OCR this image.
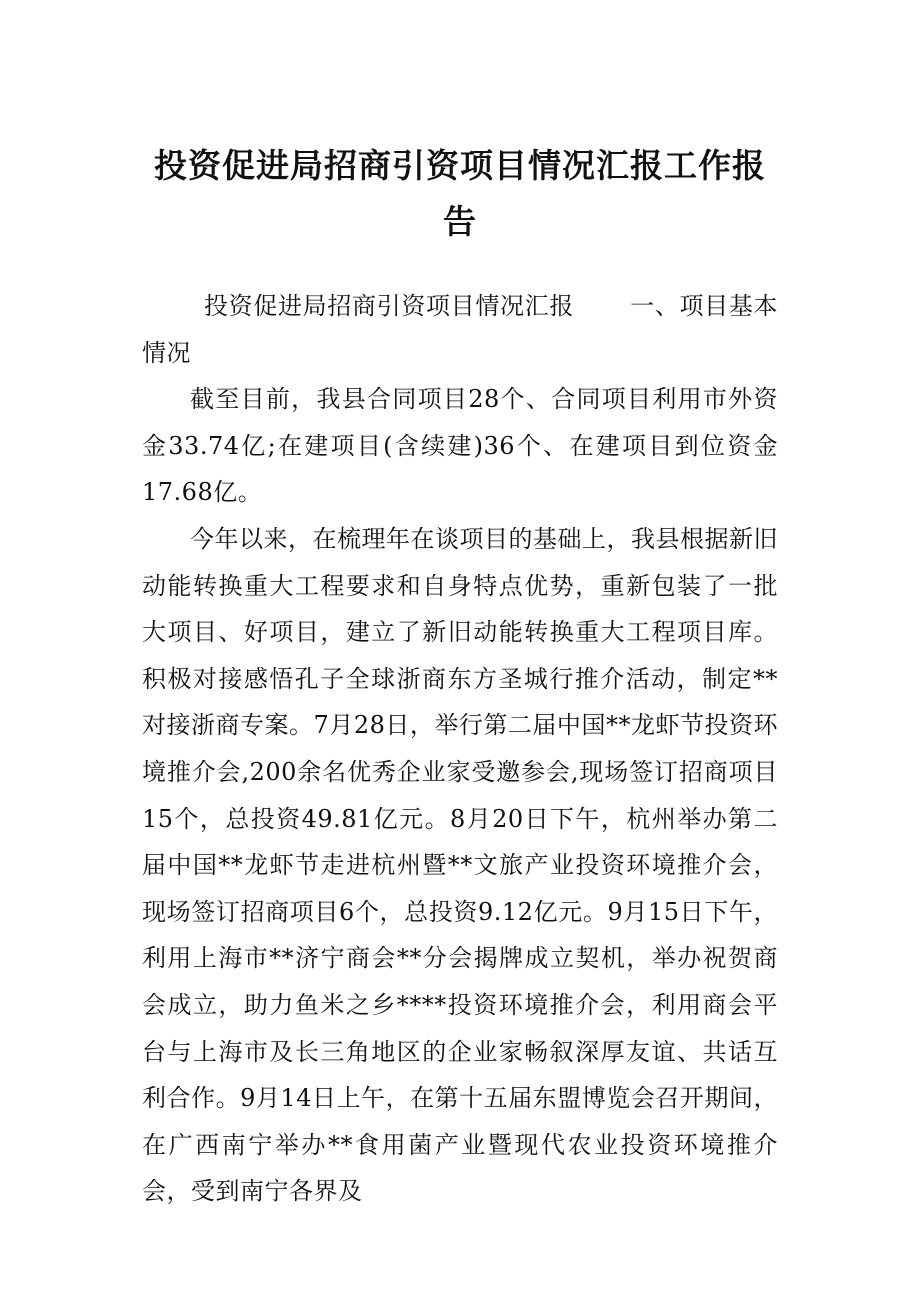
投资促进局招商引资项目情况汇报工作报告

投资促进局招商引资项目情况汇报 一、项目基本情况

截至目前，我县合同项目28个、合同项目利用市外资金33.74亿;在建项目(含续建)36个、在建项目到位资金17.68亿。

今年以来，在梳理年在谈项目的基础上，我县根据新旧动能转换重大工程要求和自身特点优势，重新包装了一批大项目、好项目，建立了新旧动能转换重大工程项目库。积极对接感悟孔子全球浙商东方圣城行推介活动，制定**对接浙商专案。7月28日，举行第二届中国**龙虾节投资环境推介会,200余名优秀企业家受邀参会,现场签订招商项目15个，总投资49.81亿元。8月20日下午，杭州举办第二届中国**龙虾节走进杭州暨**文旅产业投资环境推介会，现场签订招商项目6个，总投资9.12亿元。9月15日下午，利用上海市**济宁商会**分会揭牌成立契机，举办祝贺商会成立，助力鱼米之乡****投资环境推介会，利用商会平台与上海市及长三角地区的企业家畅叙深厚友谊、共话互利合作。9月14日上午，在第十五届东盟博览会召开期间，在广西南宁举办**食用菌产业暨现代农业投资环境推介会，受到南宁各界及
